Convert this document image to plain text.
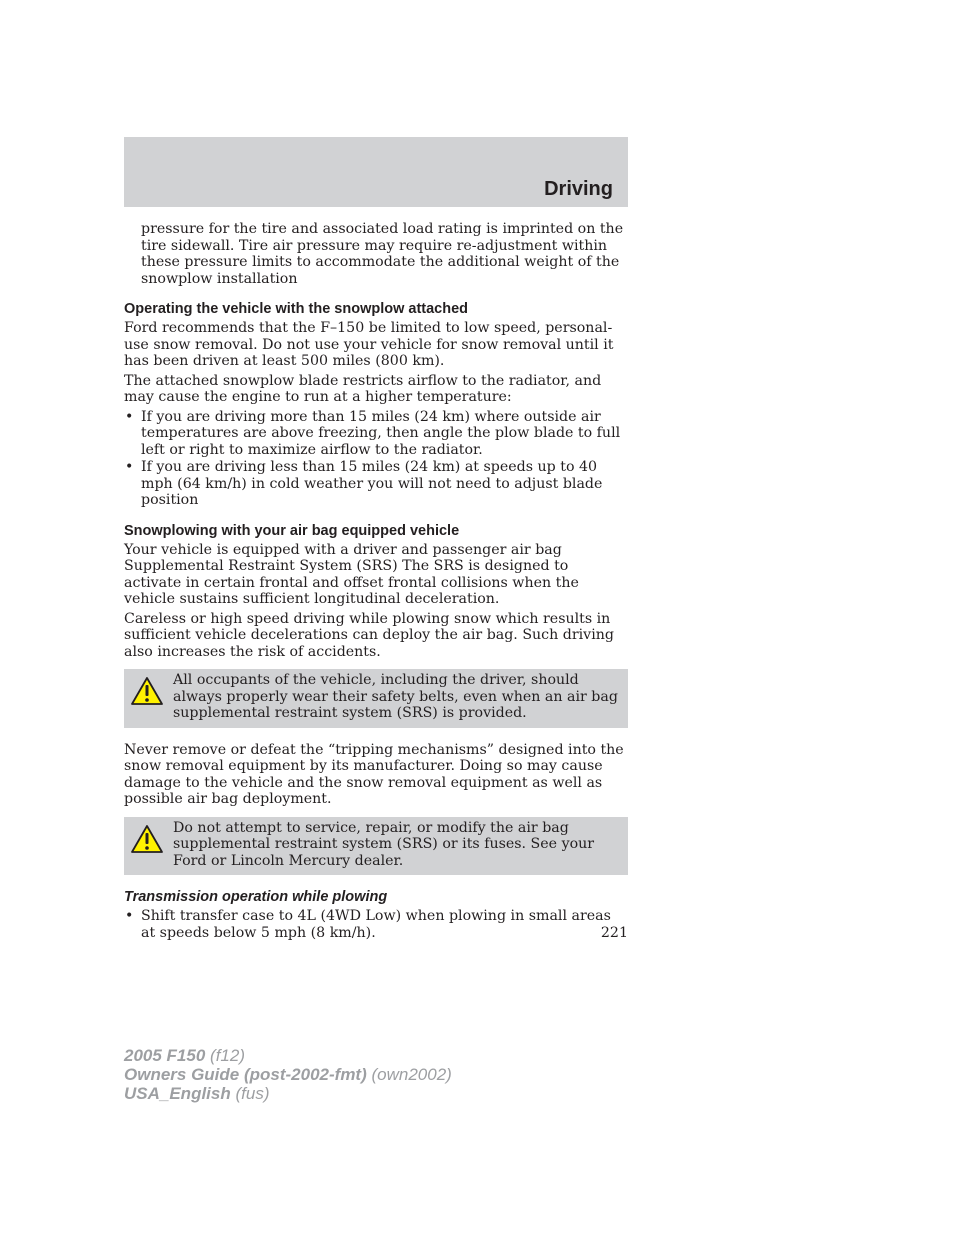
Driving

pressure for the tire and associated load rating is imprinted on the tire sidewall. Tire air pressure may require re-adjustment within these pressure limits to accommodate the additional weight of the snowplow installation

Operating the vehicle with the snowplow attached

Ford recommends that the F–150 be limited to low speed, personal-use snow removal. Do not use your vehicle for snow removal until it has been driven at least 500 miles (800 km).

The attached snowplow blade restricts airflow to the radiator, and may cause the engine to run at a higher temperature:

• If you are driving more than 15 miles (24 km) where outside air temperatures are above freezing, then angle the plow blade to full left or right to maximize airflow to the radiator.
• If you are driving less than 15 miles (24 km) at speeds up to 40 mph (64 km/h) in cold weather you will not need to adjust blade position
Snowplowing with your air bag equipped vehicle

Your vehicle is equipped with a driver and passenger air bag Supplemental Restraint System (SRS) The SRS is designed to activate in certain frontal and offset frontal collisions when the vehicle sustains sufficient longitudinal deceleration.

Careless or high speed driving while plowing snow which results in sufficient vehicle decelerations can deploy the air bag. Such driving also increases the risk of accidents.

All occupants of the vehicle, including the driver, should always properly wear their safety belts, even when an air bag supplemental restraint system (SRS) is provided.

Never remove or defeat the “tripping mechanisms” designed into the snow removal equipment by its manufacturer. Doing so may cause damage to the vehicle and the snow removal equipment as well as possible air bag deployment.

Do not attempt to service, repair, or modify the air bag supplemental restraint system (SRS) or its fuses. See your Ford or Lincoln Mercury dealer.
Transmission operation while plowing
• Shift transfer case to 4L (4WD Low) when plowing in small areas at speeds below 5 mph (8 km/h).	221
2005 F150 (f12)
Owners Guide (post-2002-fmt) (own2002)
USA_English (fus)
